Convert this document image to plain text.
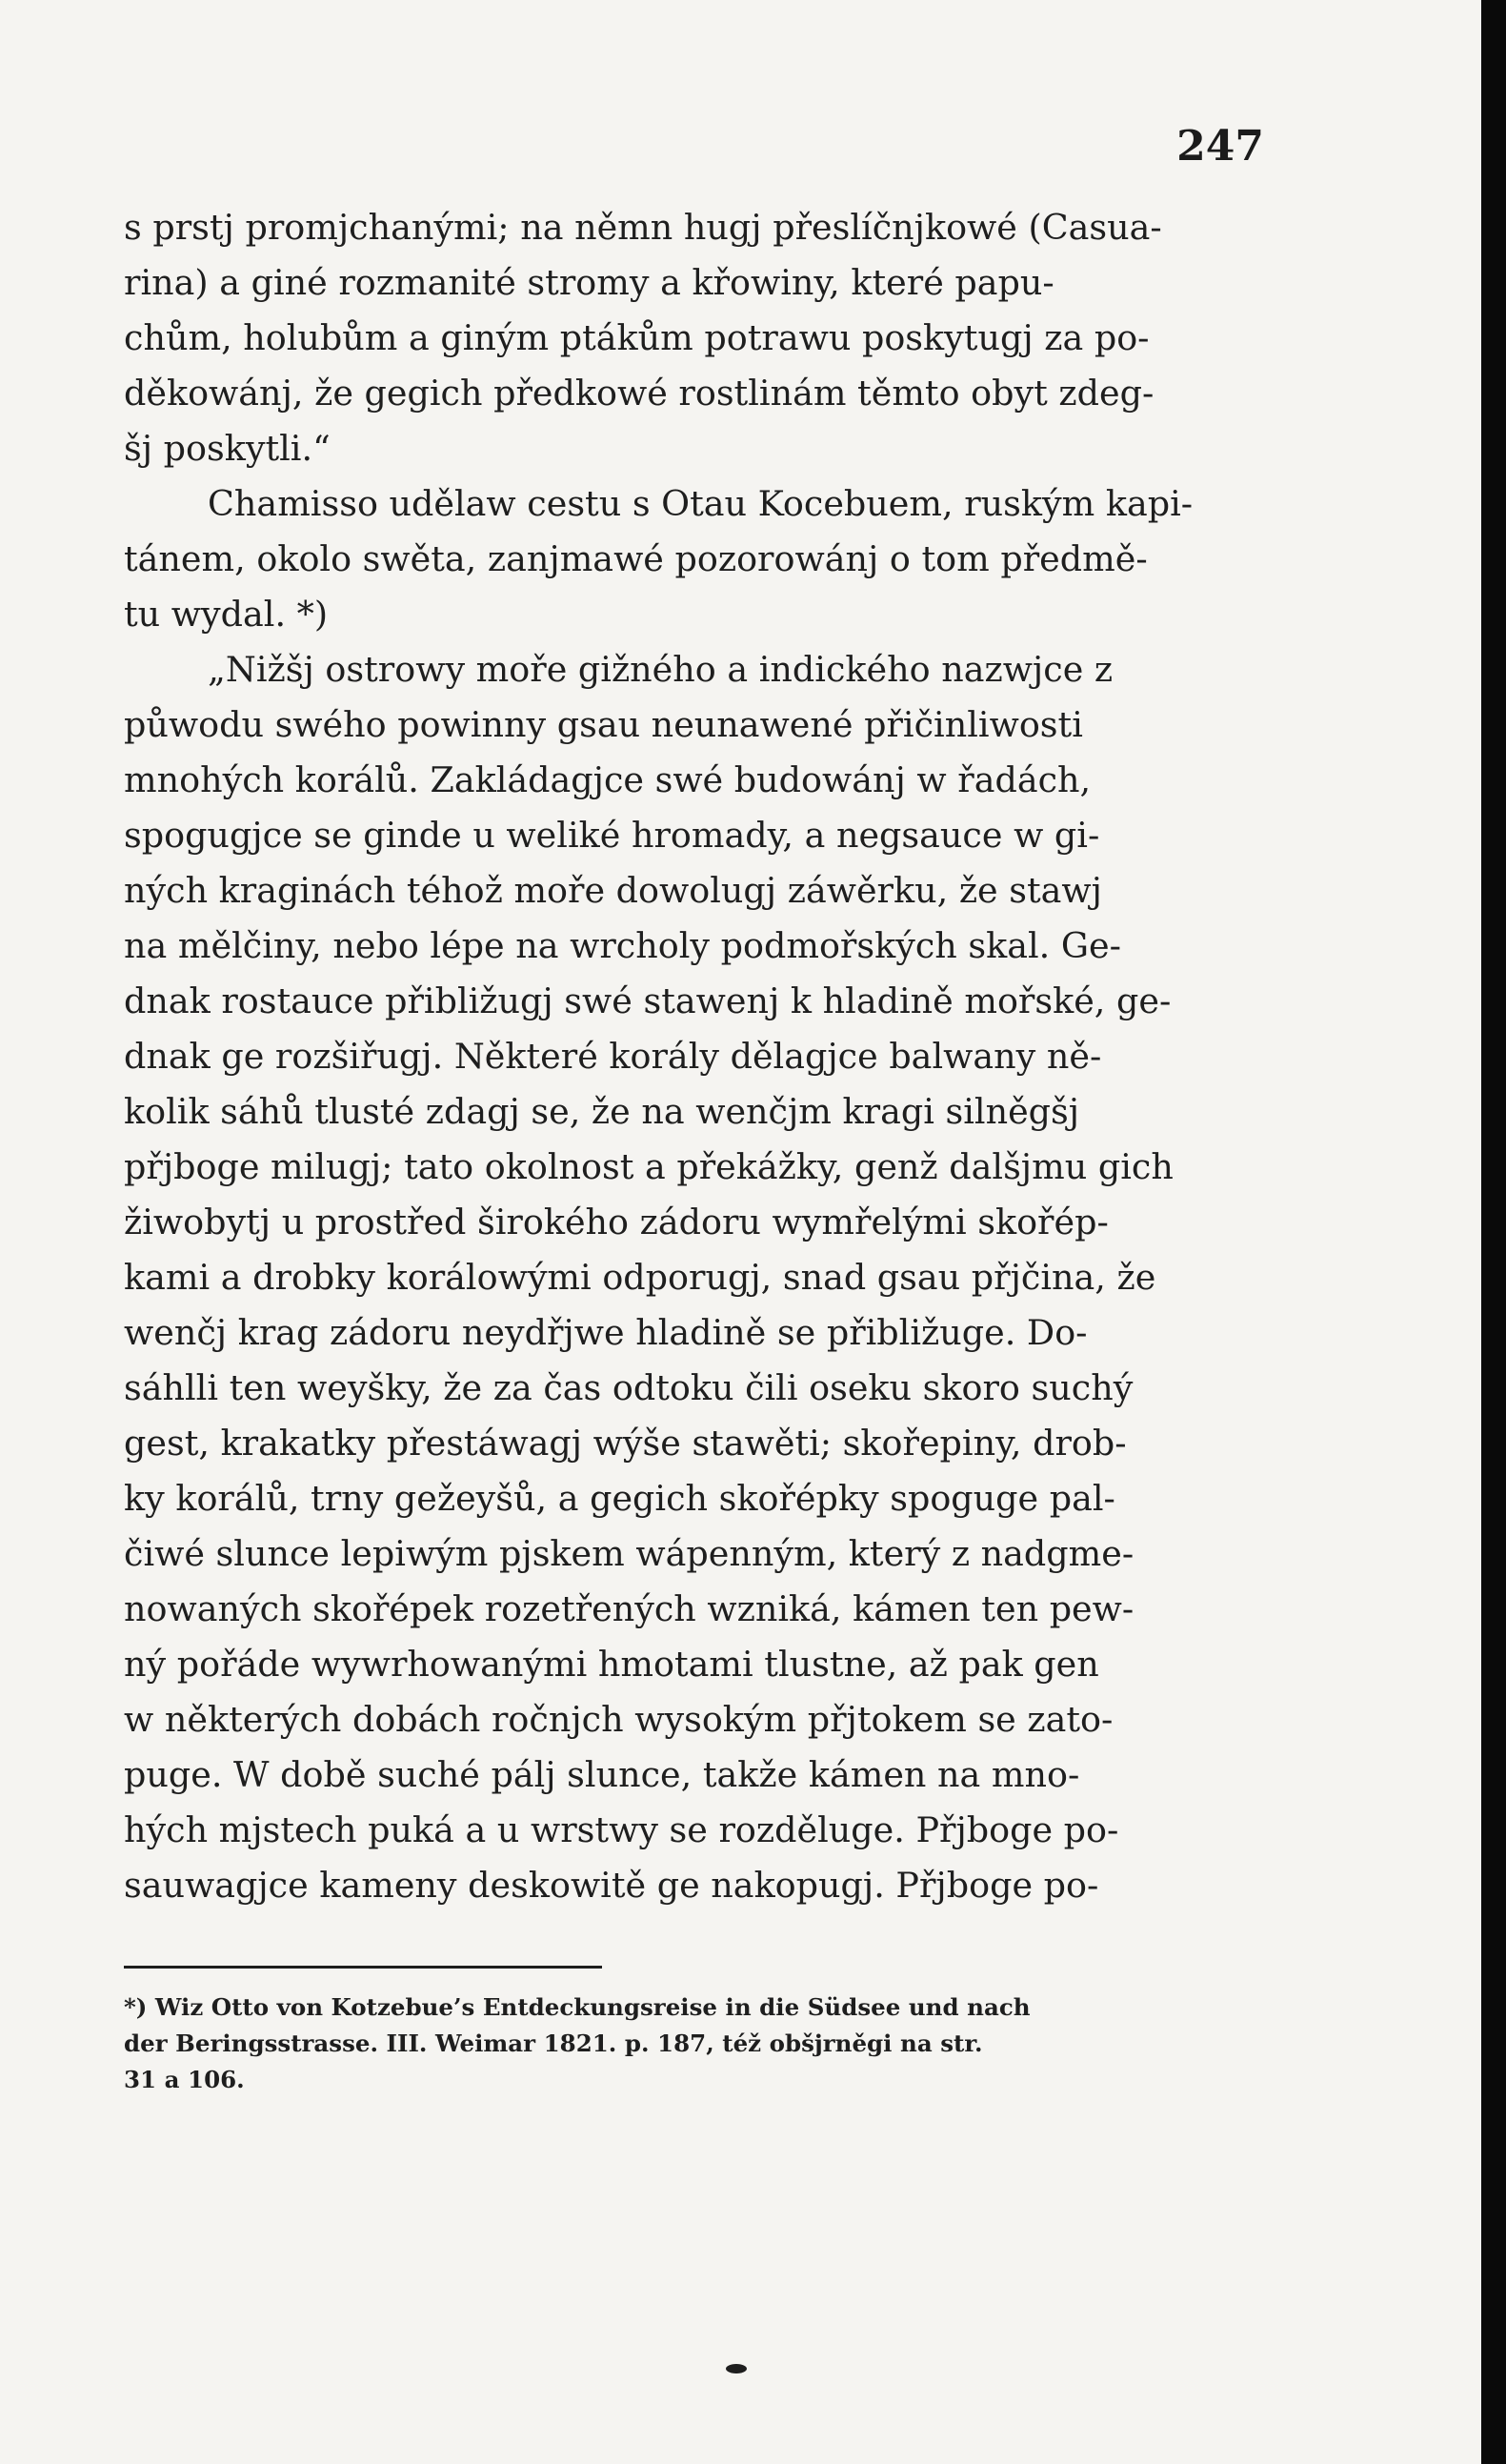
247
s prstj promjchanými; na němn hugj přeslíčnjkowé (Casua-
rina) a giné rozmanité stromy a křowiny, které papu-
chům, holubům a giným ptákům potrawu poskytugj za po-
děkowánj, že gegich předkowé rostlinám těmto obyt zdeg-
šj poskytli.“
Chamisso udělaw cestu s Otau Kocebuem, ruským kapi-
tánem, okolo swěta, zanjmawé pozorowánj o tom předmě-
tu wydal. *)
„Nižšj ostrowy moře gižného a indického nazwjce z
půwodu swého powinny gsau neunawené přičinliwosti
mnohých korálů. Zakládagjce swé budowánj w řadách,
spogugjce se ginde u weliké hromady, a negsauce w gi-
ných kraginách téhož moře dowolugj záwěrku, že stawj
na mělčiny, nebo lépe na wrcholy podmořských skal. Ge-
dnak rostauce přibližugj swé stawenj k hladině mořské, ge-
dnak ge rozšiřugj. Některé korály dělagjce balwany ně-
kolik sáhů tlusté zdagj se, že na wenčjm kragi silněgšj
přjboge milugj; tato okolnost a překážky, genž dalšjmu gich
žiwobytj u prostřed širokého zádoru wymřelými skořép-
kami a drobky korálowými odporugj, snad gsau přjčina, že
wenčj krag zádoru neydřjwe hladině se přibližuge. Do-
sáhlli ten weyšky, že za čas odtoku čili oseku skoro suchý
gest, krakatky přestáwagj wýše stawěti; skořepiny, drob-
ky korálů, trny gežeyšů, a gegich skořépky spoguge pal-
čiwé slunce lepiwým pjskem wápenným, který z nadgme-
nowaných skořépek rozetřených wzniká, kámen ten pew-
ný pořáde wywrhowanými hmotami tlustne, až pak gen
w některých dobách ročnjch wysokým přjtokem se zato-
puge. W době suché pálj slunce, takže kámen na mno-
hých mjstech puká a u wrstwy se rozděluge. Přjboge po-
sauwagjce kameny deskowitě ge nakopugj. Přjboge po-
*) Wiz Otto von Kotzebue’s Entdeckungsreise in die Südsee und nach
der Beringsstrasse. III. Weimar 1821. p. 187, též obšjrněgi na str.
31 a 106.
